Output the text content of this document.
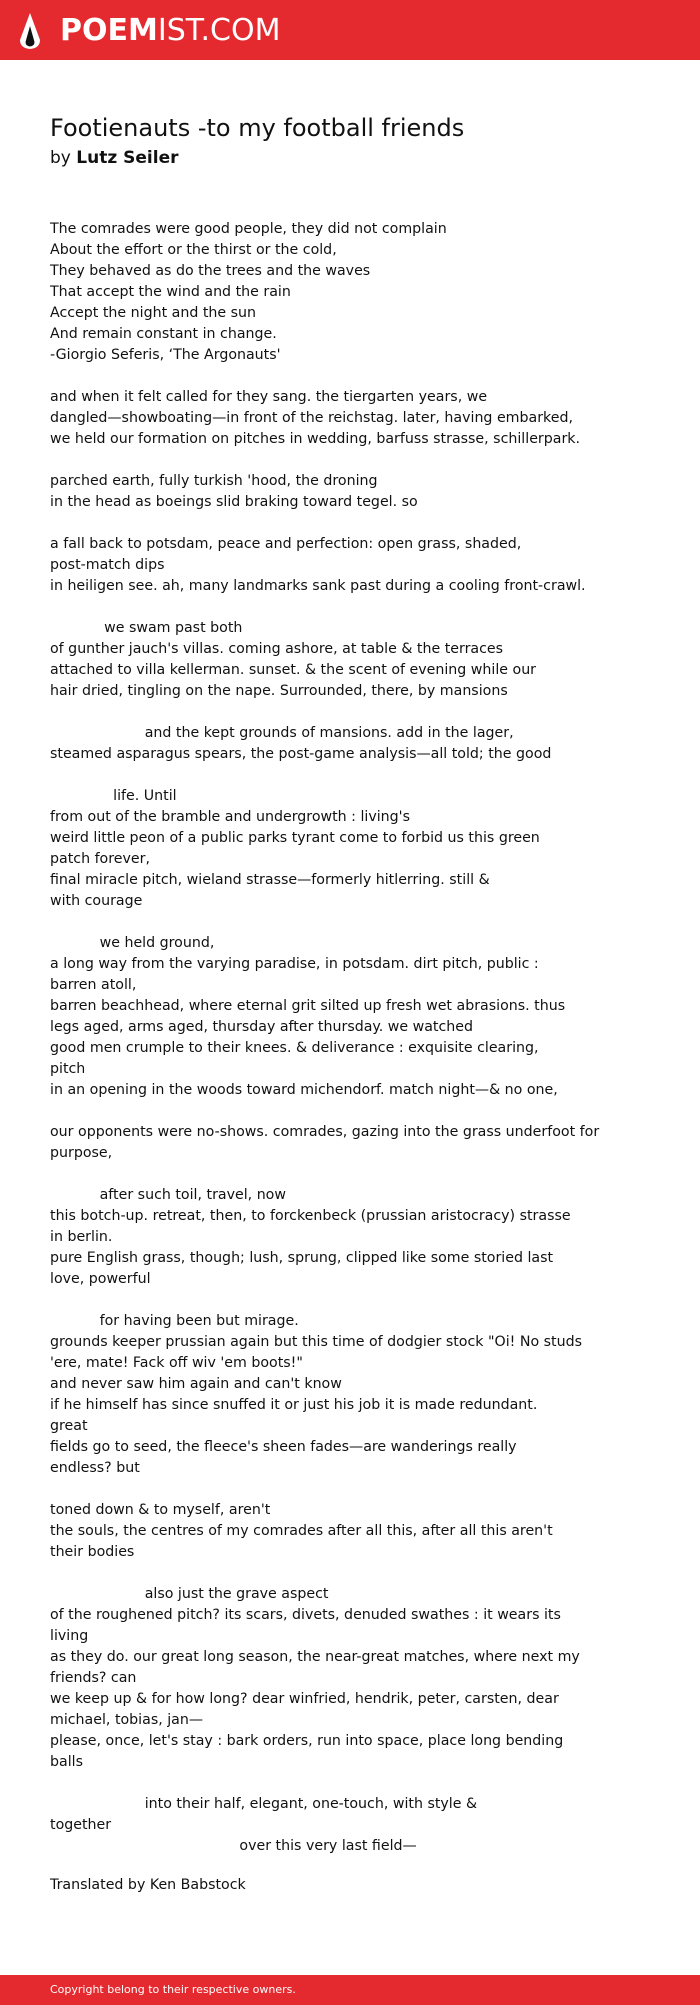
POEMIST.COM
Footienauts -to my football friends
by Lutz Seiler
The comrades were good people, they did not complain
About the effort or the thirst or the cold,
They behaved as do the trees and the waves
That accept the wind and the rain
Accept the night and the sun
And remain constant in change.
-Giorgio Seferis, ‘The Argonauts'
and when it felt called for they sang. the tiergarten years, we
dangled—showboating—in front of the reichstag. later, having embarked,
we held our formation on pitches in wedding, barfuss strasse, schillerpark.
parched earth, fully turkish 'hood, the droning
in the head as boeings slid braking toward tegel. so
a fall back to potsdam, peace and perfection: open grass, shaded,
post-match dips
in heiligen see. ah, many landmarks sank past during a cooling front-crawl.
we swam past both
of gunther jauch's villas. coming ashore, at table & the terraces
attached to villa kellerman. sunset. & the scent of evening while our
hair dried, tingling on the nape. Surrounded, there, by mansions
and the kept grounds of mansions. add in the lager,
steamed asparagus spears, the post-game analysis—all told; the good
life. Until
from out of the bramble and undergrowth : living's
weird little peon of a public parks tyrant come to forbid us this green
patch forever,
final miracle pitch, wieland strasse—formerly hitlerring. still &
with courage
we held ground,
a long way from the varying paradise, in potsdam. dirt pitch, public :
barren atoll,
barren beachhead, where eternal grit silted up fresh wet abrasions. thus
legs aged, arms aged, thursday after thursday. we watched
good men crumple to their knees. & deliverance : exquisite clearing,
pitch
in an opening in the woods toward michendorf. match night—& no one,
our opponents were no-shows. comrades, gazing into the grass underfoot for
purpose,
after such toil, travel, now
this botch-up. retreat, then, to forckenbeck (prussian aristocracy) strasse
in berlin.
pure English grass, though; lush, sprung, clipped like some storied last
love, powerful
for having been but mirage.
grounds keeper prussian again but this time of dodgier stock "Oi! No studs
'ere, mate! Fack off wiv 'em boots!"
and never saw him again and can't know
if he himself has since snuffed it or just his job it is made redundant.
great
fields go to seed, the fleece's sheen fades—are wanderings really
endless? but
toned down & to myself, aren't
the souls, the centres of my comrades after all this, after all this aren't
their bodies
also just the grave aspect
of the roughened pitch? its scars, divets, denuded swathes : it wears its
living
as they do. our great long season, the near-great matches, where next my
friends? can
we keep up & for how long? dear winfried, hendrik, peter, carsten, dear
michael, tobias, jan—
please, once, let's stay : bark orders, run into space, place long bending
balls
into their half, elegant, one-touch, with style &
together
over this very last field—
Translated by Ken Babstock
Copyright belong to their respective owners.
